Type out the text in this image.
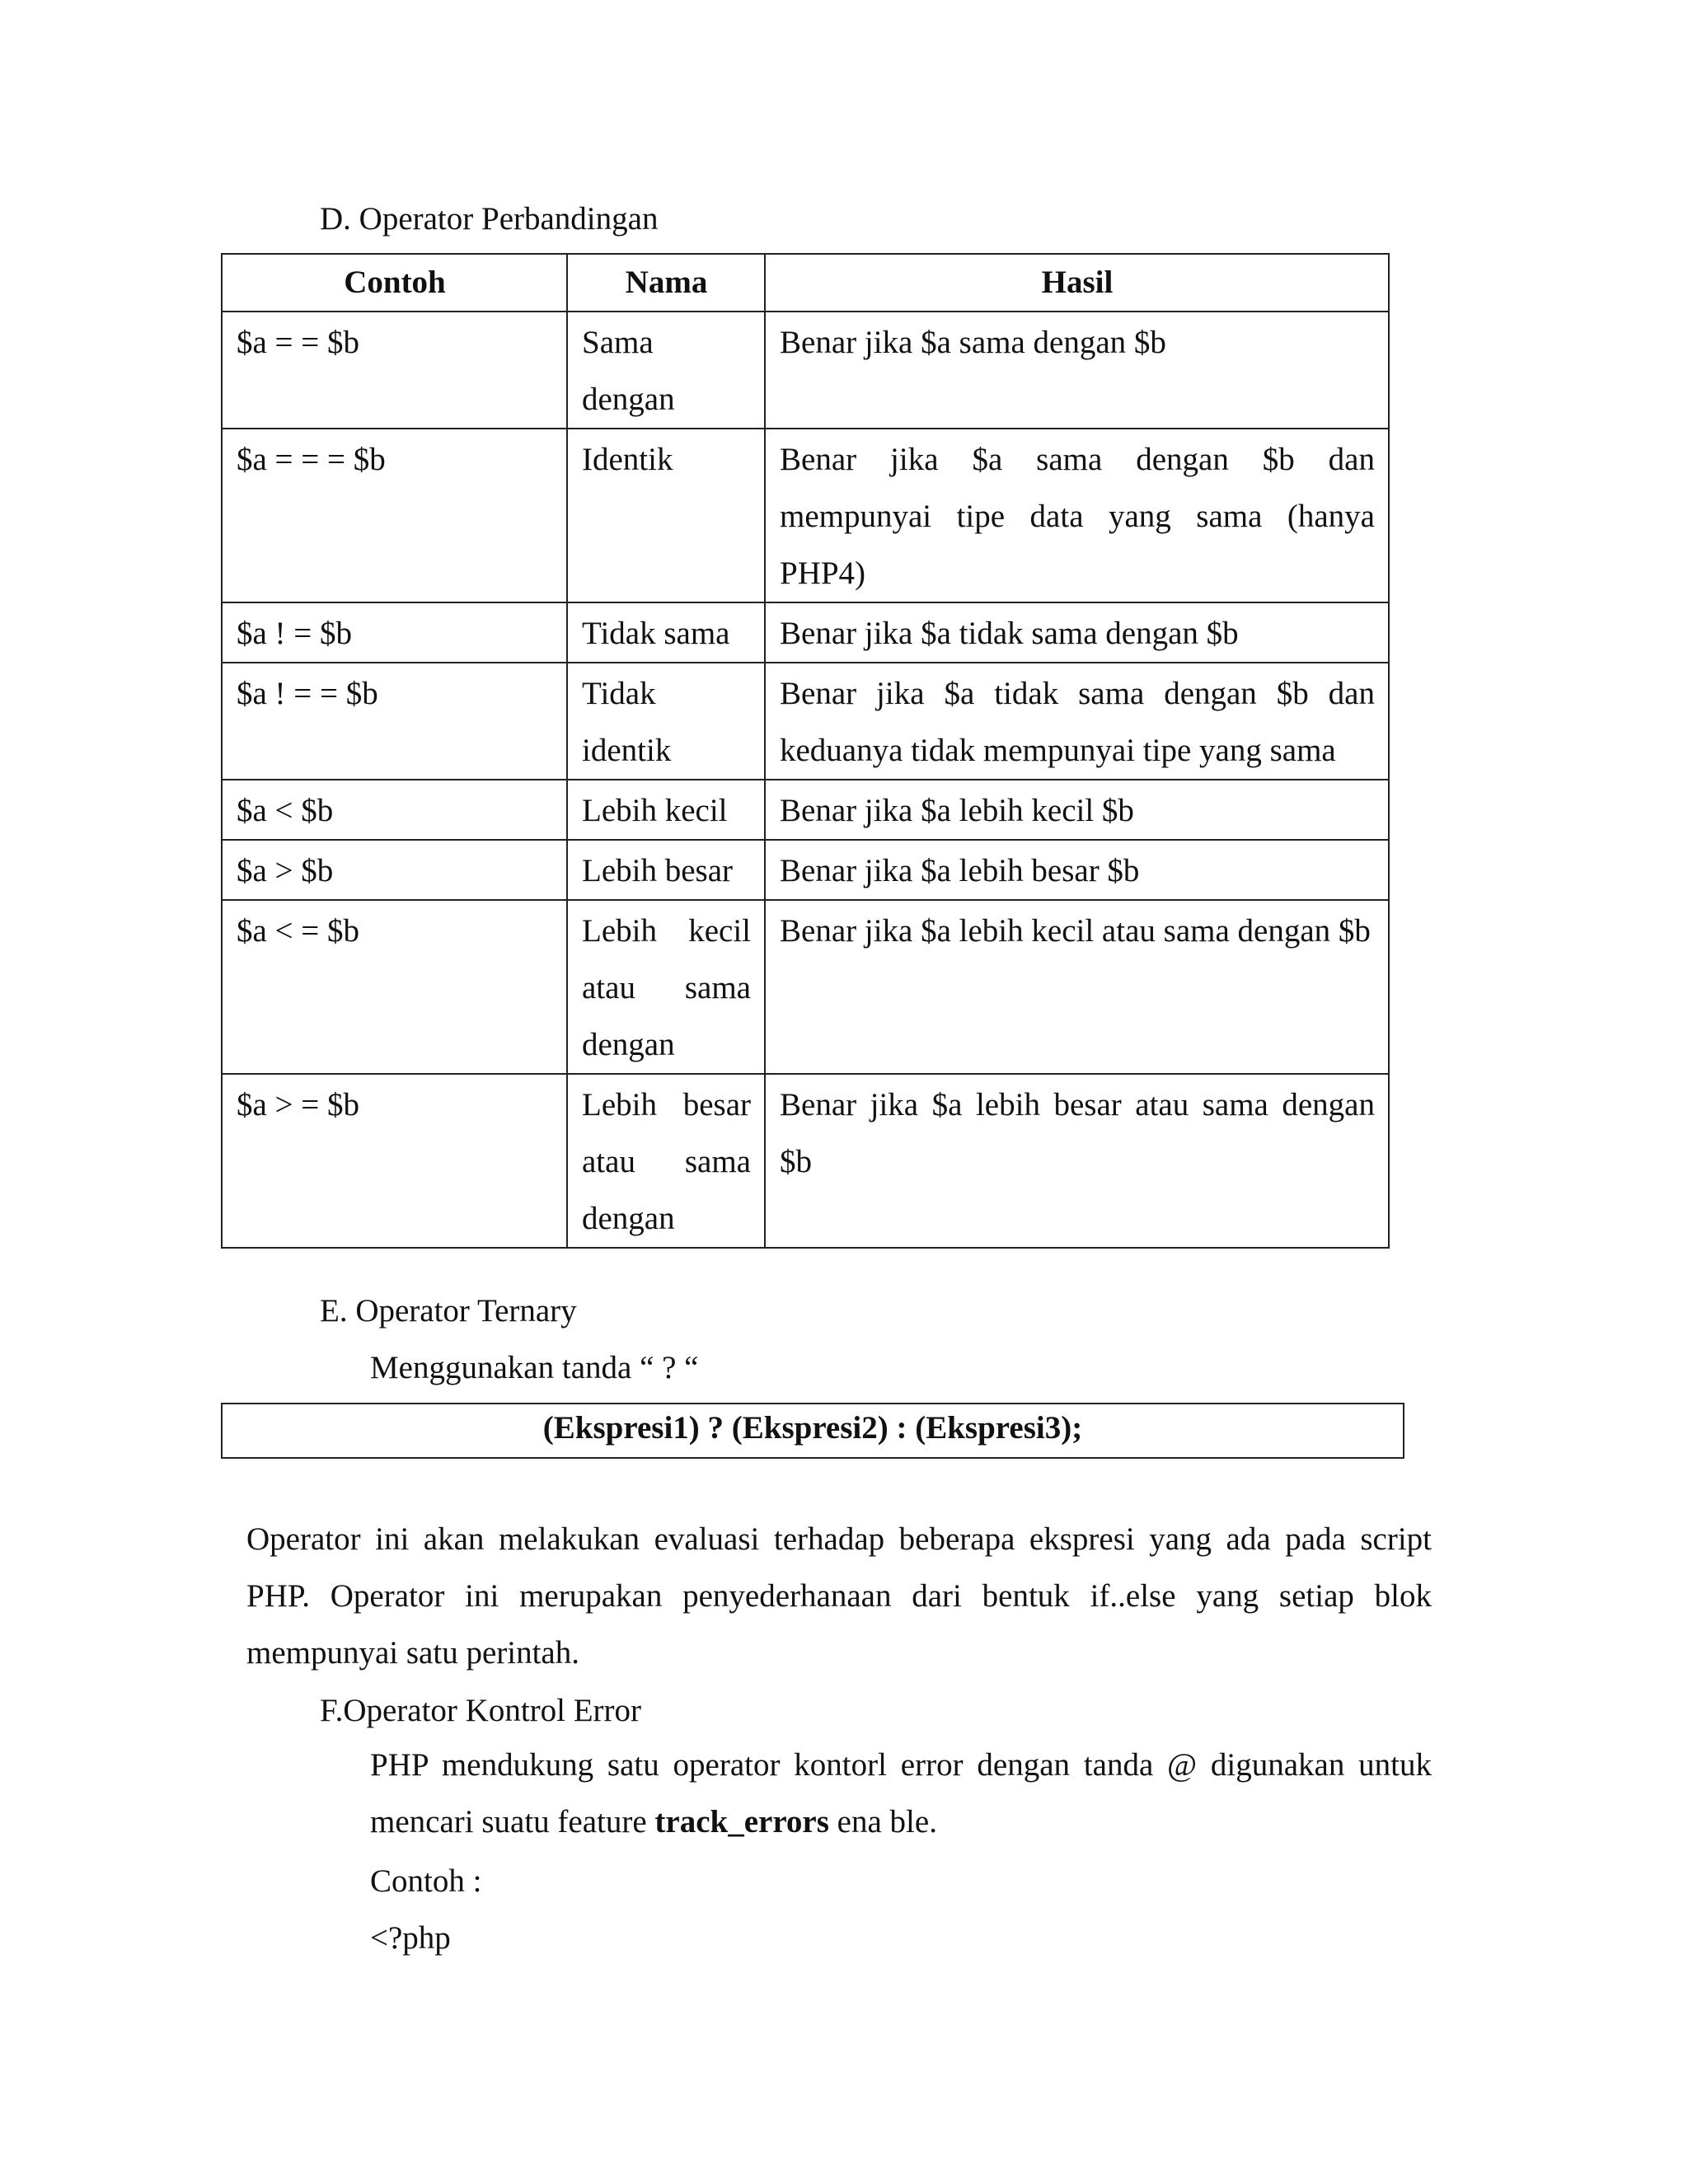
D. Operator Perbandingan
Contoh	Nama	Hasil
$a = = $b	Sama dengan	Benar jika $a sama dengan $b
$a = = = $b	Identik	Benar jika $a sama dengan $b dan mempunyai tipe data yang sama (hanya PHP4)
$a ! = $b	Tidak sama	Benar jika $a tidak sama dengan $b
$a ! = = $b	Tidak identik	Benar jika $a tidak sama dengan $b dan keduanya tidak mempunyai tipe yang sama
$a < $b	Lebih kecil	Benar jika $a lebih kecil $b
$a > $b	Lebih besar	Benar jika $a lebih besar $b
$a < = $b	Lebih kecil atau sama dengan	Benar jika $a lebih kecil atau sama dengan $b
$a > = $b	Lebih besar atau sama dengan	Benar jika $a lebih besar atau sama dengan $b
E. Operator Ternary
Menggunakan tanda “ ? “
(Ekspresi1) ? (Ekspresi2) : (Ekspresi3);
Operator ini akan melakukan evaluasi terhadap beberapa ekspresi yang ada pada script PHP. Operator ini merupakan penyederhanaan dari bentuk if..else yang setiap blok mempunyai satu perintah.
F.Operator Kontrol Error
PHP mendukung satu operator kontorl error dengan tanda @ digunakan untuk mencari suatu feature track_errors ena ble.
Contoh :
<?php
